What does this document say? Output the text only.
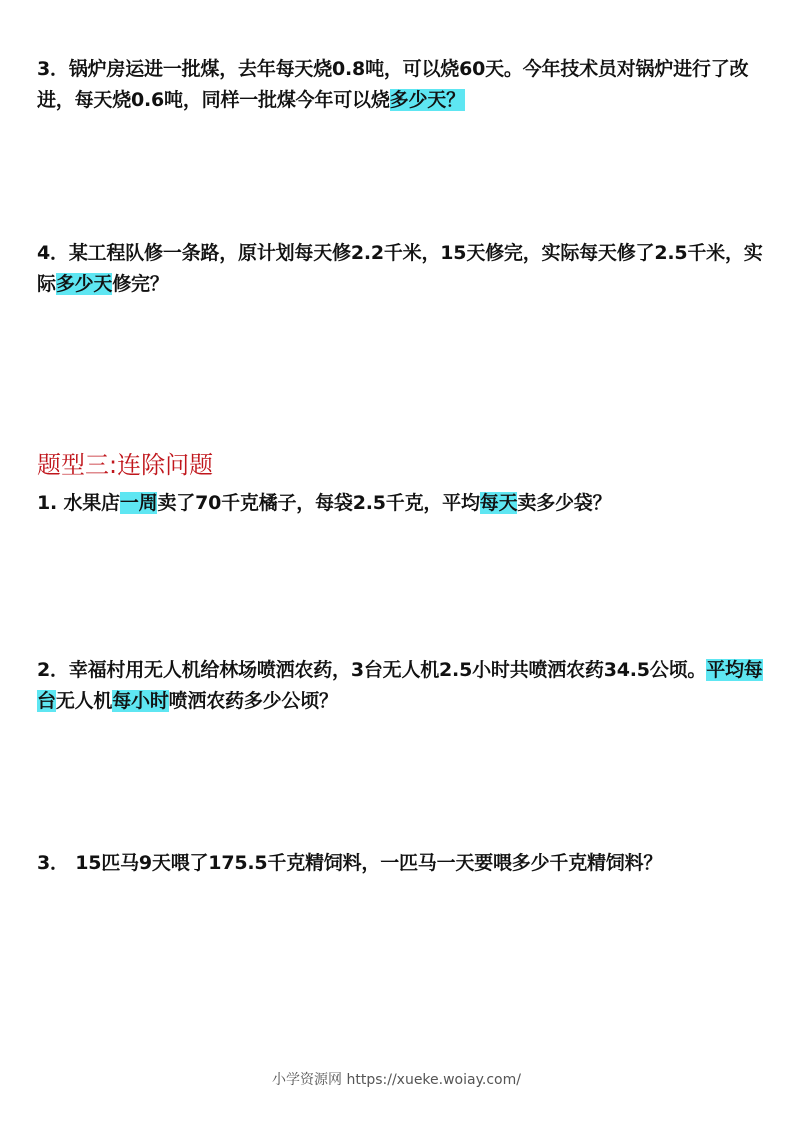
3．锅炉房运进一批煤，去年每天烧0.8吨，可以烧60天。今年技术员对锅炉进行了改进，每天烧0.6吨，同样一批煤今年可以烧多少天？
4．某工程队修一条路，原计划每天修2.2千米，15天修完，实际每天修了2.5千米，实际多少天修完？
题型三:连除问题
1. 水果店一周卖了70千克橘子，每袋2.5千克，平均每天卖多少袋？
2．幸福村用无人机给林场喷洒农药，3台无人机2.5小时共喷洒农药34.5公顷。平均每台无人机每小时喷洒农药多少公顷？
3． 15匹马9天喂了175.5千克精饲料，一匹马一天要喂多少千克精饲料？
小学资源网 https://xueke.woiay.com/
